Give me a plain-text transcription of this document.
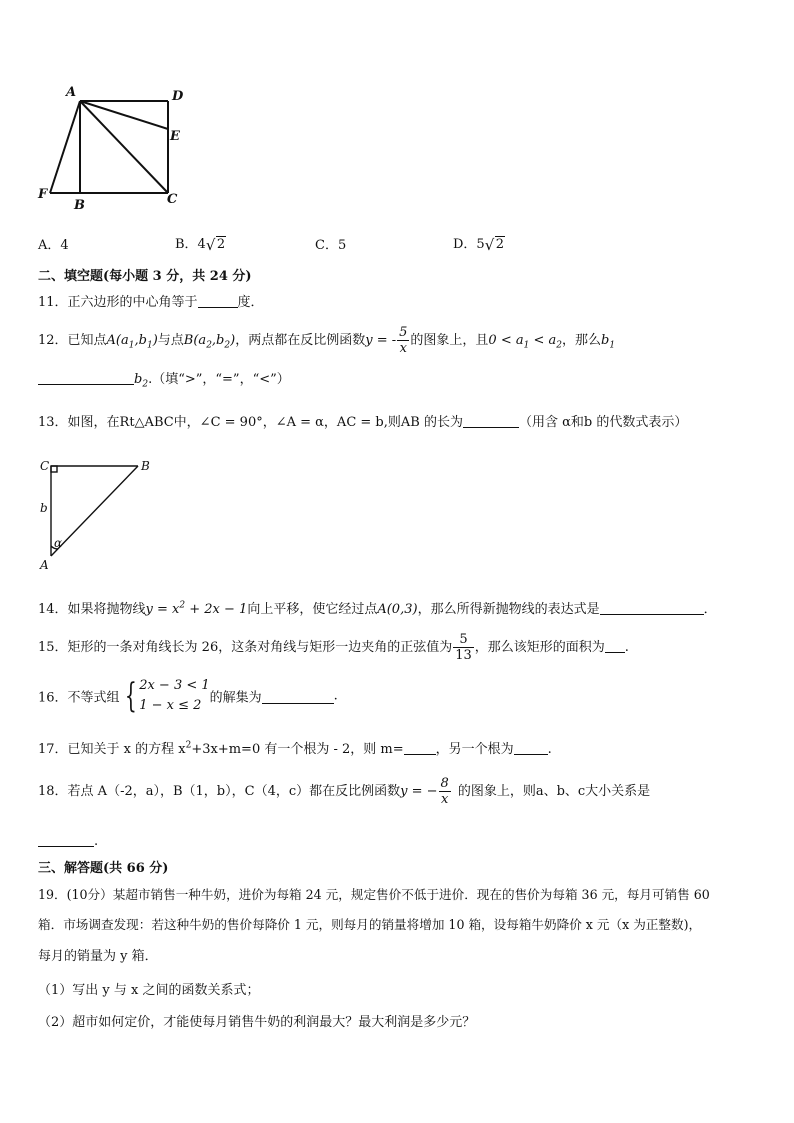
A	D
E
F
B	C
A．4	B．4 √ 2	C．5	D．5 √ 2
二、填空题(每小题 3 分，共 24 分)
11．正六边形的中心角等于	度．
12．已知点$A(a_1,b_1)$与点$B(a_2,b_2)$，两点都在反比例函数y = - $\frac{5}{x}$ 的图象上，且$0 < a_1 < a_2$，那么$b_1$
$b_2$.（填“>”，“=”，“<”）
13．如图，在Rt△ABC中，∠C = 90°，∠A = α，AC = b,则AB 的长为	（用含 α和b 的代数式表示）
C	B
b
α
A
14．如果将抛物线$y = x^2 + 2x - 1$向上平移，使它经过点A(0,3)，那么所得新抛物线的表达式是	．
15．矩形的一条对角线长为 26，这条对角线与矩形一边夹角的正弦值为 $\frac{5}{13}$ ，那么该矩形的面积为 .
16．不等式组 { 2x − 3 < 1
1 − x ≤ 2 的解集为	.
17．已知关于 x 的方程 $x^2+3x+m=0$ 有一个根为 - 2，则 m= ，另一个根为	.
18．若点 A（-2，a），B（1，b），C（4，c）都在反比例函数y = − $\frac{8}{x}$ 的图象上，则a、b、c大小关系是
.
三、解答题(共 66 分)
19．(10分）某超市销售一种牛奶，进价为每箱 24 元，规定售价不低于进价．现在的售价为每箱 36 元，每月可销售 60
箱．市场调查发现：若这种牛奶的售价每降价 1 元，则每月的销量将增加 10 箱，设每箱牛奶降价 x 元（x 为正整数)，
每月的销量为 y 箱．
（1）写出 y 与 x 之间的函数关系式；
（2）超市如何定价，才能使每月销售牛奶的利润最大？最大利润是多少元？
